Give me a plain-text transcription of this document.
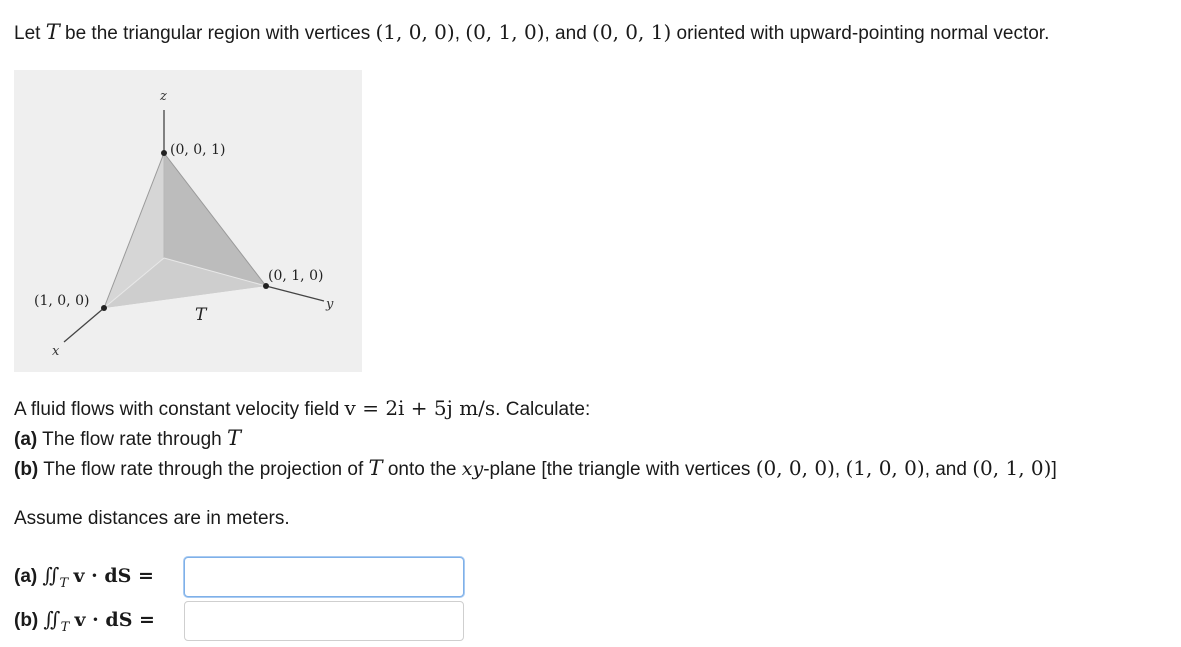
Let T be the triangular region with vertices (1, 0, 0), (0, 1, 0), and (0, 0, 1) oriented with upward-pointing normal vector.
z
x
y
(0, 0, 1)
(0, 1, 0)
(1, 0, 0)
T
A fluid flows with constant velocity field v = 2i + 5j m/s. Calculate:
(a) The flow rate through T
(b) The flow rate through the projection of T onto the xy-plane [the triangle with vertices (0, 0, 0), (1, 0, 0), and (0, 1, 0)]
Assume distances are in meters.
(a) $∬_T$ v · dS =
(b) $∬_T$ v · dS =
